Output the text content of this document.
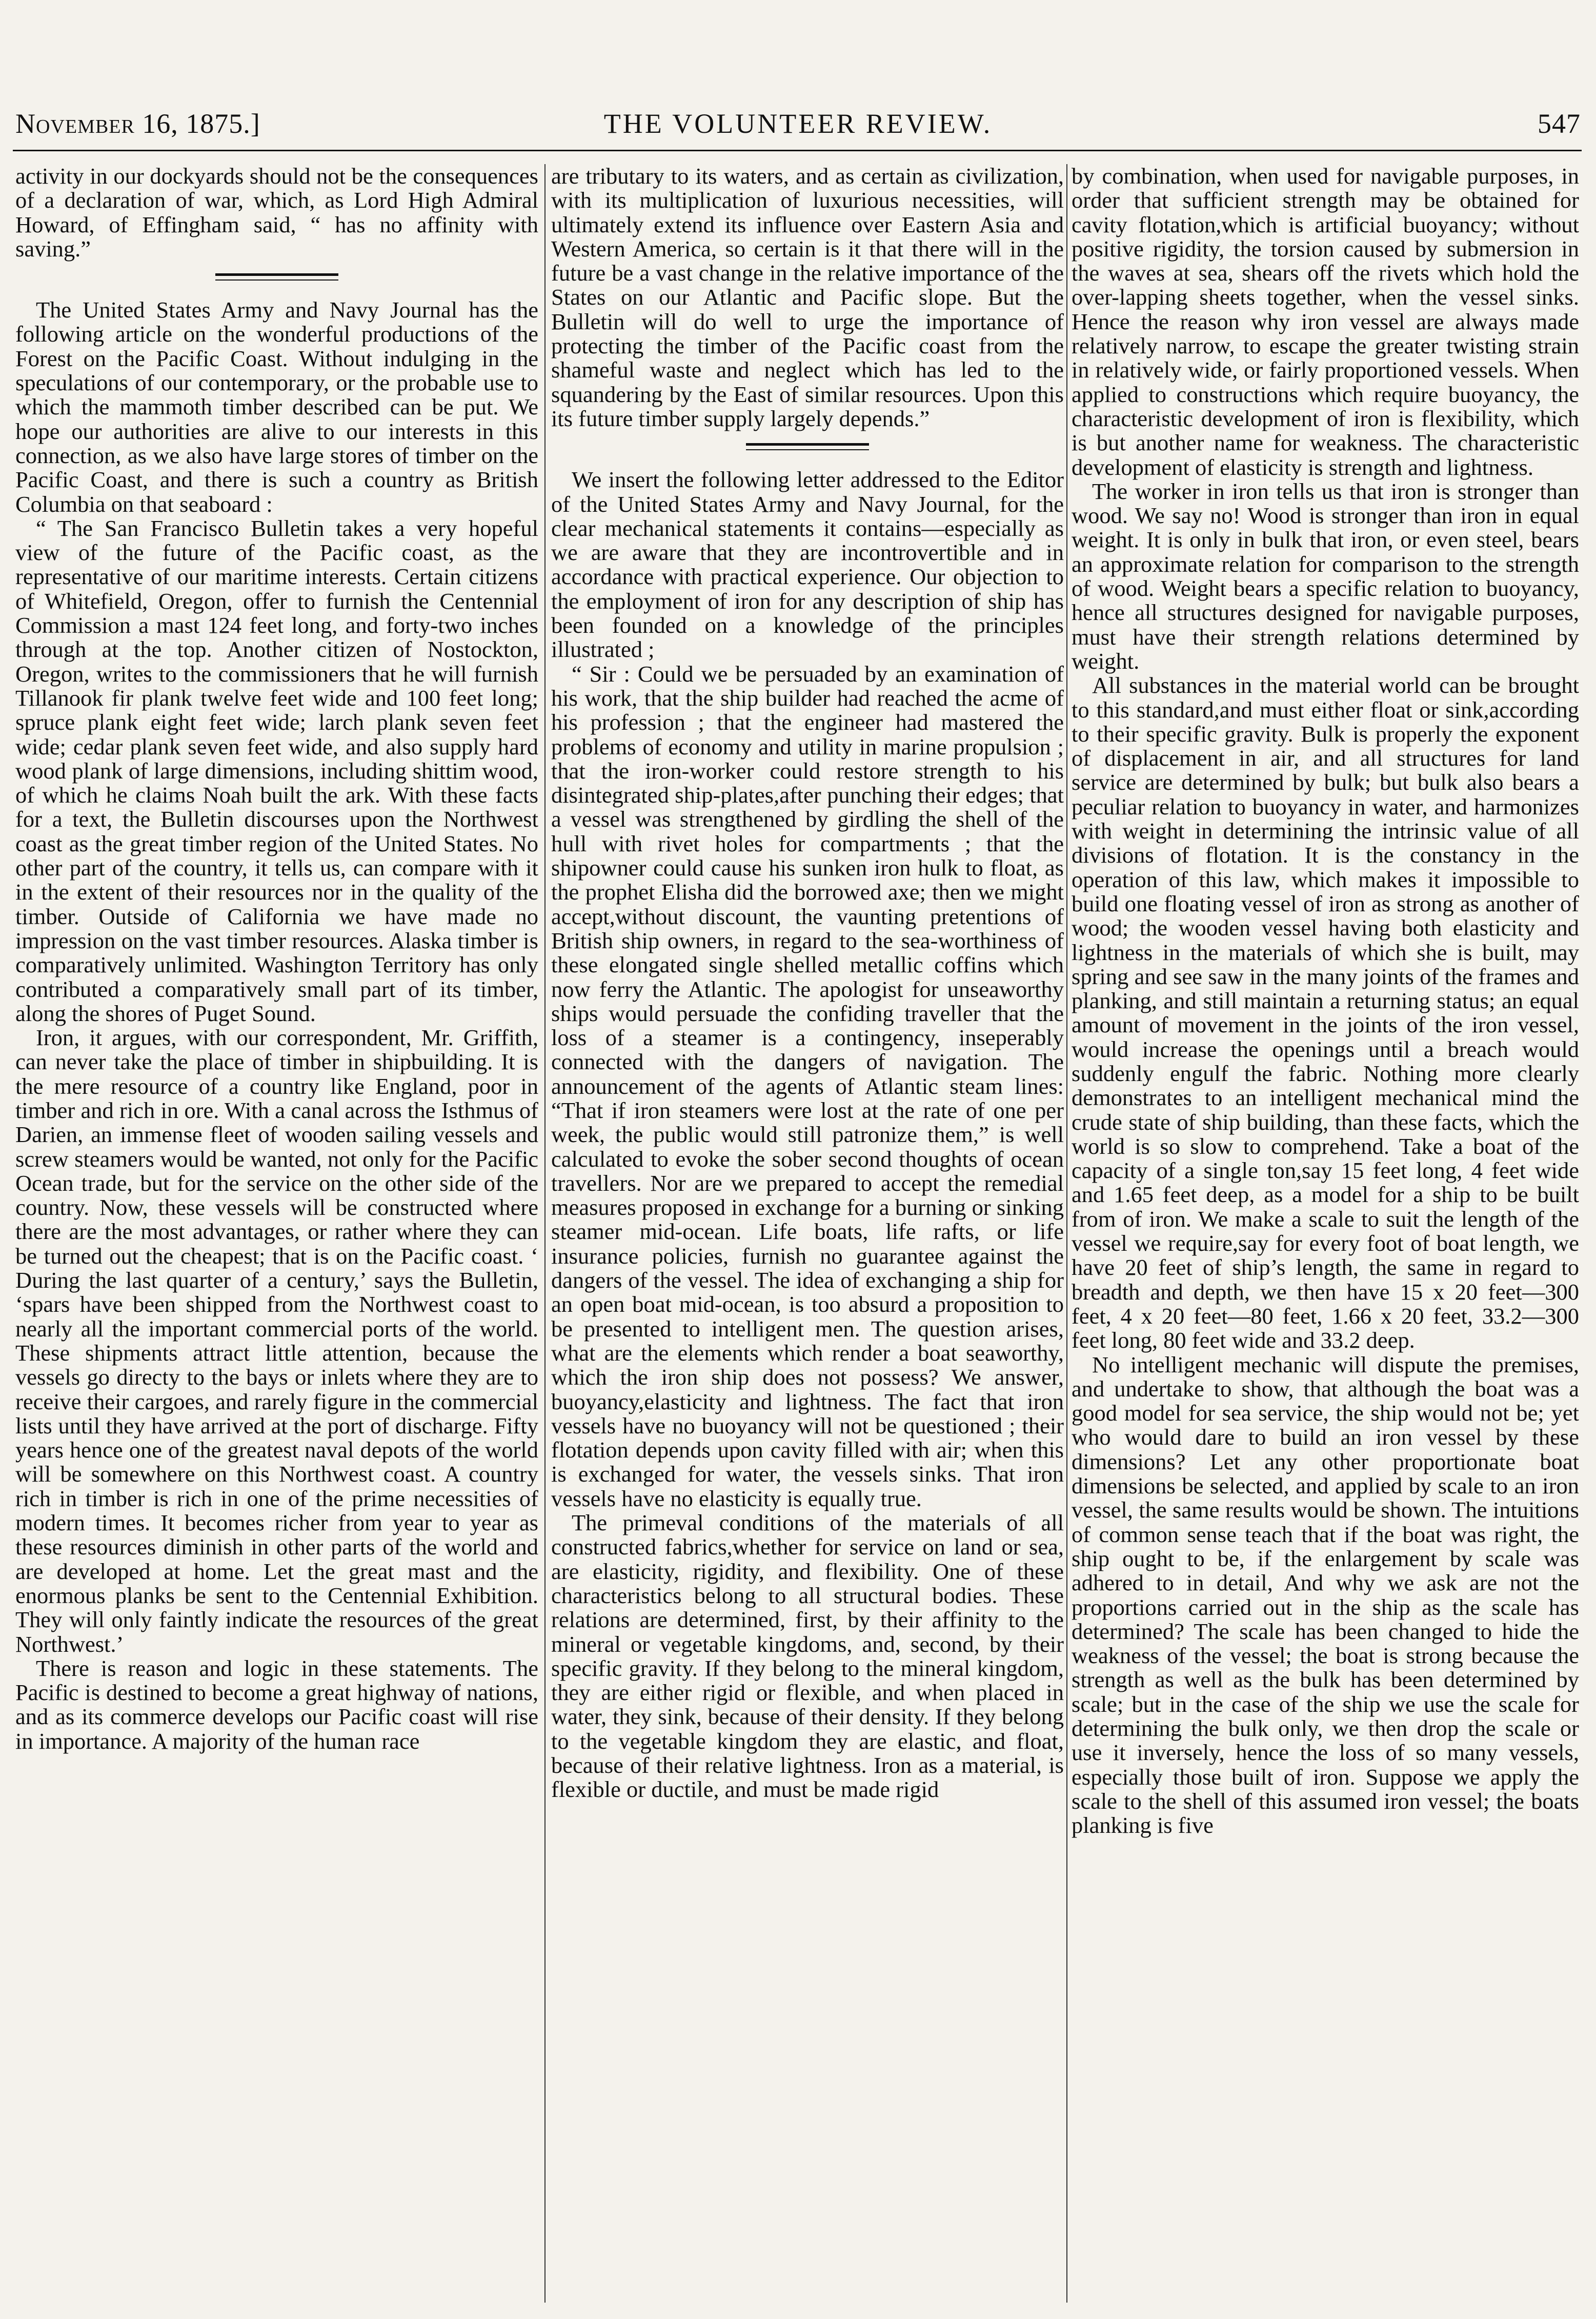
November 16, 1875.]	THE VOLUNTEER REVIEW.	547

activity in our dockyards should not be the consequences of a declaration of war, which, as Lord High Admiral Howard, of Effingham said, “ has no affinity with saving.”

The United States Army and Navy Journal has the following article on the wonderful productions of the Forest on the Pacific Coast. Without indulging in the speculations of our contemporary, or the probable use to which the mammoth timber described can be put. We hope our authorities are alive to our interests in this connection, as we also have large stores of timber on the Pacific Coast, and there is such a country as British Columbia on that seaboard :

“ The San Francisco Bulletin takes a very hopeful view of the future of the Pacific coast, as the representative of our maritime interests. Certain citizens of Whitefield, Oregon, offer to furnish the Centennial Commission a mast 124 feet long, and forty-two inches through at the top. Another citizen of Nostockton, Oregon, writes to the commissioners that he will furnish Tillanook fir plank twelve feet wide and 100 feet long; spruce plank eight feet wide; larch plank seven feet wide; cedar plank seven feet wide, and also supply hard wood plank of large dimensions, including shittim wood, of which he claims Noah built the ark. With these facts for a text, the Bulletin discourses upon the Northwest coast as the great timber region of the United States. No other part of the country, it tells us, can compare with it in the extent of their resources nor in the quality of the timber. Outside of California we have made no impression on the vast timber resources. Alaska timber is comparatively unlimited. Washington Territory has only contributed a comparatively small part of its timber, along the shores of Puget Sound.

Iron, it argues, with our correspondent, Mr. Griffith, can never take the place of timber in shipbuilding. It is the mere resource of a country like England, poor in timber and rich in ore. With a canal across the Isthmus of Darien, an immense fleet of wooden sailing vessels and screw steamers would be wanted, not only for the Pacific Ocean trade, but for the service on the other side of the country. Now, these vessels will be constructed where there are the most advantages, or rather where they can be turned out the cheapest; that is on the Pacific coast. ‘ During the last quarter of a century,’ says the Bulletin, ‘spars have been shipped from the Northwest coast to nearly all the important commercial ports of the world. These shipments attract little attention, because the vessels go directy to the bays or inlets where they are to receive their cargoes, and rarely figure in the commercial lists until they have arrived at the port of discharge. Fifty years hence one of the greatest naval depots of the world will be somewhere on this Northwest coast. A country rich in timber is rich in one of the prime necessities of modern times. It becomes richer from year to year as these resources diminish in other parts of the world and are developed at home. Let the great mast and the enormous planks be sent to the Centennial Exhibition. They will only faintly indicate the resources of the great Northwest.’

There is reason and logic in these statements. The Pacific is destined to become a great highway of nations, and as its commerce develops our Pacific coast will rise in importance. A majority of the human race

are tributary to its waters, and as certain as civilization, with its multiplication of luxurious necessities, will ultimately extend its influence over Eastern Asia and Western America, so certain is it that there will in the future be a vast change in the relative importance of the States on our Atlantic and Pacific slope. But the Bulletin will do well to urge the importance of protecting the timber of the Pacific coast from the shameful waste and neglect which has led to the squandering by the East of similar resources. Upon this its future timber supply largely depends.”

We insert the following letter addressed to the Editor of the United States Army and Navy Journal, for the clear mechanical statements it contains—especially as we are aware that they are incontrovertible and in accordance with practical experience. Our objection to the employment of iron for any description of ship has been founded on a knowledge of the principles illustrated ;

“ Sir : Could we be persuaded by an examination of his work, that the ship builder had reached the acme of his profession ; that the engineer had mastered the problems of economy and utility in marine propulsion ; that the iron-worker could restore strength to his disintegrated ship-plates,after punching their edges; that a vessel was strengthened by girdling the shell of the hull with rivet holes for compartments ; that the shipowner could cause his sunken iron hulk to float, as the prophet Elisha did the borrowed axe; then we might accept,without discount, the vaunting pretentions of British ship owners, in regard to the sea-worthiness of these elongated single shelled metallic coffins which now ferry the Atlantic. The apologist for unseaworthy ships would persuade the confiding traveller that the loss of a steamer is a contingency, inseperably connected with the dangers of navigation. The announcement of the agents of Atlantic steam lines: “That if iron steamers were lost at the rate of one per week, the public would still patronize them,” is well calculated to evoke the sober second thoughts of ocean travellers. Nor are we prepared to accept the remedial measures proposed in exchange for a burning or sinking steamer mid-ocean. Life boats, life rafts, or life insurance policies, furnish no guarantee against the dangers of the vessel. The idea of exchanging a ship for an open boat mid-ocean, is too absurd a proposition to be presented to intelligent men. The question arises, what are the elements which render a boat seaworthy, which the iron ship does not possess? We answer, buoyancy,elasticity and lightness. The fact that iron vessels have no buoyancy will not be questioned ; their flotation depends upon cavity filled with air; when this is exchanged for water, the vessels sinks. That iron vessels have no elasticity is equally true.

The primeval conditions of the materials of all constructed fabrics,whether for service on land or sea, are elasticity, rigidity, and flexibility. One of these characteristics belong to all structural bodies. These relations are determined, first, by their affinity to the mineral or vegetable kingdoms, and, second, by their specific gravity. If they belong to the mineral kingdom, they are either rigid or flexible, and when placed in water, they sink, because of their density. If they belong to the vegetable kingdom they are elastic, and float, because of their relative lightness. Iron as a material, is flexible or ductile, and must be made rigid

by combination, when used for navigable purposes, in order that sufficient strength may be obtained for cavity flotation,which is artificial buoyancy; without positive rigidity, the torsion caused by submersion in the waves at sea, shears off the rivets which hold the over-lapping sheets together, when the vessel sinks. Hence the reason why iron vessel are always made relatively narrow, to escape the greater twisting strain in relatively wide, or fairly proportioned vessels. When applied to constructions which require buoyancy, the characteristic development of iron is flexibility, which is but another name for weakness. The characteristic development of elasticity is strength and lightness.

The worker in iron tells us that iron is stronger than wood. We say no! Wood is stronger than iron in equal weight. It is only in bulk that iron, or even steel, bears an approximate relation for comparison to the strength of wood. Weight bears a specific relation to buoyancy, hence all structures designed for navigable purposes, must have their strength relations determined by weight.

All substances in the material world can be brought to this standard,and must either float or sink,according to their specific gravity. Bulk is properly the exponent of displacement in air, and all structures for land service are determined by bulk; but bulk also bears a peculiar relation to buoyancy in water, and harmonizes with weight in determining the intrinsic value of all divisions of flotation. It is the constancy in the operation of this law, which makes it impossible to build one floating vessel of iron as strong as another of wood; the wooden vessel having both elasticity and lightness in the materials of which she is built, may spring and see saw in the many joints of the frames and planking, and still maintain a returning status; an equal amount of movement in the joints of the iron vessel, would increase the openings until a breach would suddenly engulf the fabric. Nothing more clearly demonstrates to an intelligent mechanical mind the crude state of ship building, than these facts, which the world is so slow to comprehend. Take a boat of the capacity of a single ton,say 15 feet long, 4 feet wide and 1.65 feet deep, as a model for a ship to be built from of iron. We make a scale to suit the length of the vessel we require,say for every foot of boat length, we have 20 feet of ship’s length, the same in regard to breadth and depth, we then have 15 x 20 feet—300 feet, 4 x 20 feet—80 feet, 1.66 x 20 feet, 33.2—300 feet long, 80 feet wide and 33.2 deep.

No intelligent mechanic will dispute the premises, and undertake to show, that although the boat was a good model for sea service, the ship would not be; yet who would dare to build an iron vessel by these dimensions? Let any other proportionate boat dimensions be selected, and applied by scale to an iron vessel, the same results would be shown. The intuitions of common sense teach that if the boat was right, the ship ought to be, if the enlargement by scale was adhered to in detail, And why we ask are not the proportions carried out in the ship as the scale has determined? The scale has been changed to hide the weakness of the vessel; the boat is strong because the strength as well as the bulk has been determined by scale; but in the case of the ship we use the scale for determining the bulk only, we then drop the scale or use it inversely, hence the loss of so many vessels, especially those built of iron. Suppose we apply the scale to the shell of this assumed iron vessel; the boats planking is five
